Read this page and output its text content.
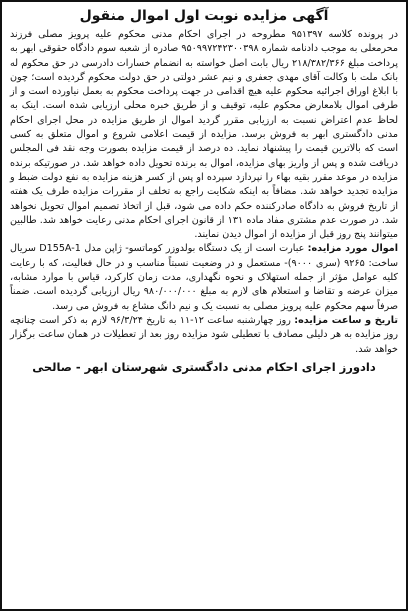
آگهی مزایده نوبت اول اموال منقول

در پرونده کلاسه ۹۵۱۳۹۷ مطروحه در اجرای احکام مدنی محکوم علیه پرویز مصلی فرزند محرمعلی به موجب دادنامه شماره ۹۵۰۹۹۷۲۴۲۳۰۰۳۹۸ صادره از شعبه سوم دادگاه حقوقی ابهر به پرداخت مبلغ ۲۱۸/۳۸۲/۳۶۶ ریال بابت اصل خواسته به انضمام خسارات دادرسی در حق محکوم له بانک ملت با وکالت آقای مهدی جعفری و نیم عشر دولتی در حق دولت محکوم گردیده است؛ چون با ابلاغ اوراق اجرائیه محکوم علیه هیچ اقدامی در جهت پرداخت محکوم به بعمل نیاورده است و از طرفی اموال بلامعارض محکوم علیه، توقیف و از طریق خبره محلی ارزیابی شده است. اینک به لحاظ عدم اعتراض نسبت به ارزیابی مقرر گردید اموال از طریق مزایده در محل اجرای احکام مدنی دادگستری ابهر به فروش برسد. مزایده از قیمت اعلامی شروع و اموال متعلق به کسی است که بالاترین قیمت را پیشنهاد نماید. ده درصد از قیمت مزایده بصورت وجه نقد فی المجلس دریافت شده و پس از واریز بهای مزایده، اموال به برنده تحویل داده خواهد شد. در صورتیکه برنده مزایده در موعد مقرر بقیه بهاء را نپردازد سپرده او پس از کسر هزینه مزایده به نفع دولت ضبط و مزایده تجدید خواهد شد. مضافاً به اینکه شکایت راجع به تخلف از مقررات مزایده طرف یک هفته از تاریخ فروش به دادگاه صادرکننده حکم داده می شود، قبل از اتخاذ تصمیم اموال تحویل نخواهد شد. در صورت عدم مشتری مفاد ماده ۱۳۱ از قانون اجرای احکام مدنی رعایت خواهد شد. طالبین میتوانند پنج روز قبل از مزایده از اموال دیدن نمایند.

اموال مورد مزایده: عبارت است از یک دستگاه بولدوزر کوماتسو- ژاپن مدل D155A-1 سریال ساخت: ۹۲۶۵ (سری ۹۰۰۰)- مستعمل و در وضعیت نسبتاً مناسب و در حال فعالیت، که با رعایت کلیه عوامل مؤثر از جمله استهلاک و نحوه نگهداری، مدت زمان کارکرد، قیاس با موارد مشابه، میزان عرضه و تقاضا و استعلام های لازم به مبلغ ۹۸۰/۰۰۰/۰۰۰ ریال ارزیابی گردیده است. ضمناً صرفاً سهم محکوم علیه پرویز مصلی به نسبت یک و نیم دانگ مشاع به فروش می رسد.

تاریخ و ساعت مزایده: روز چهارشنبه ساعت ۱۲-۱۱ به تاریخ ۹۶/۳/۲۴ لازم به ذکر است چنانچه روز مزایده به هر دلیلی مصادف با تعطیلی شود مزایده روز بعد از تعطیلات در همان ساعت برگزار خواهد شد.

دادورز اجرای احکام مدنی دادگستری شهرستان ابهر - صالحی
